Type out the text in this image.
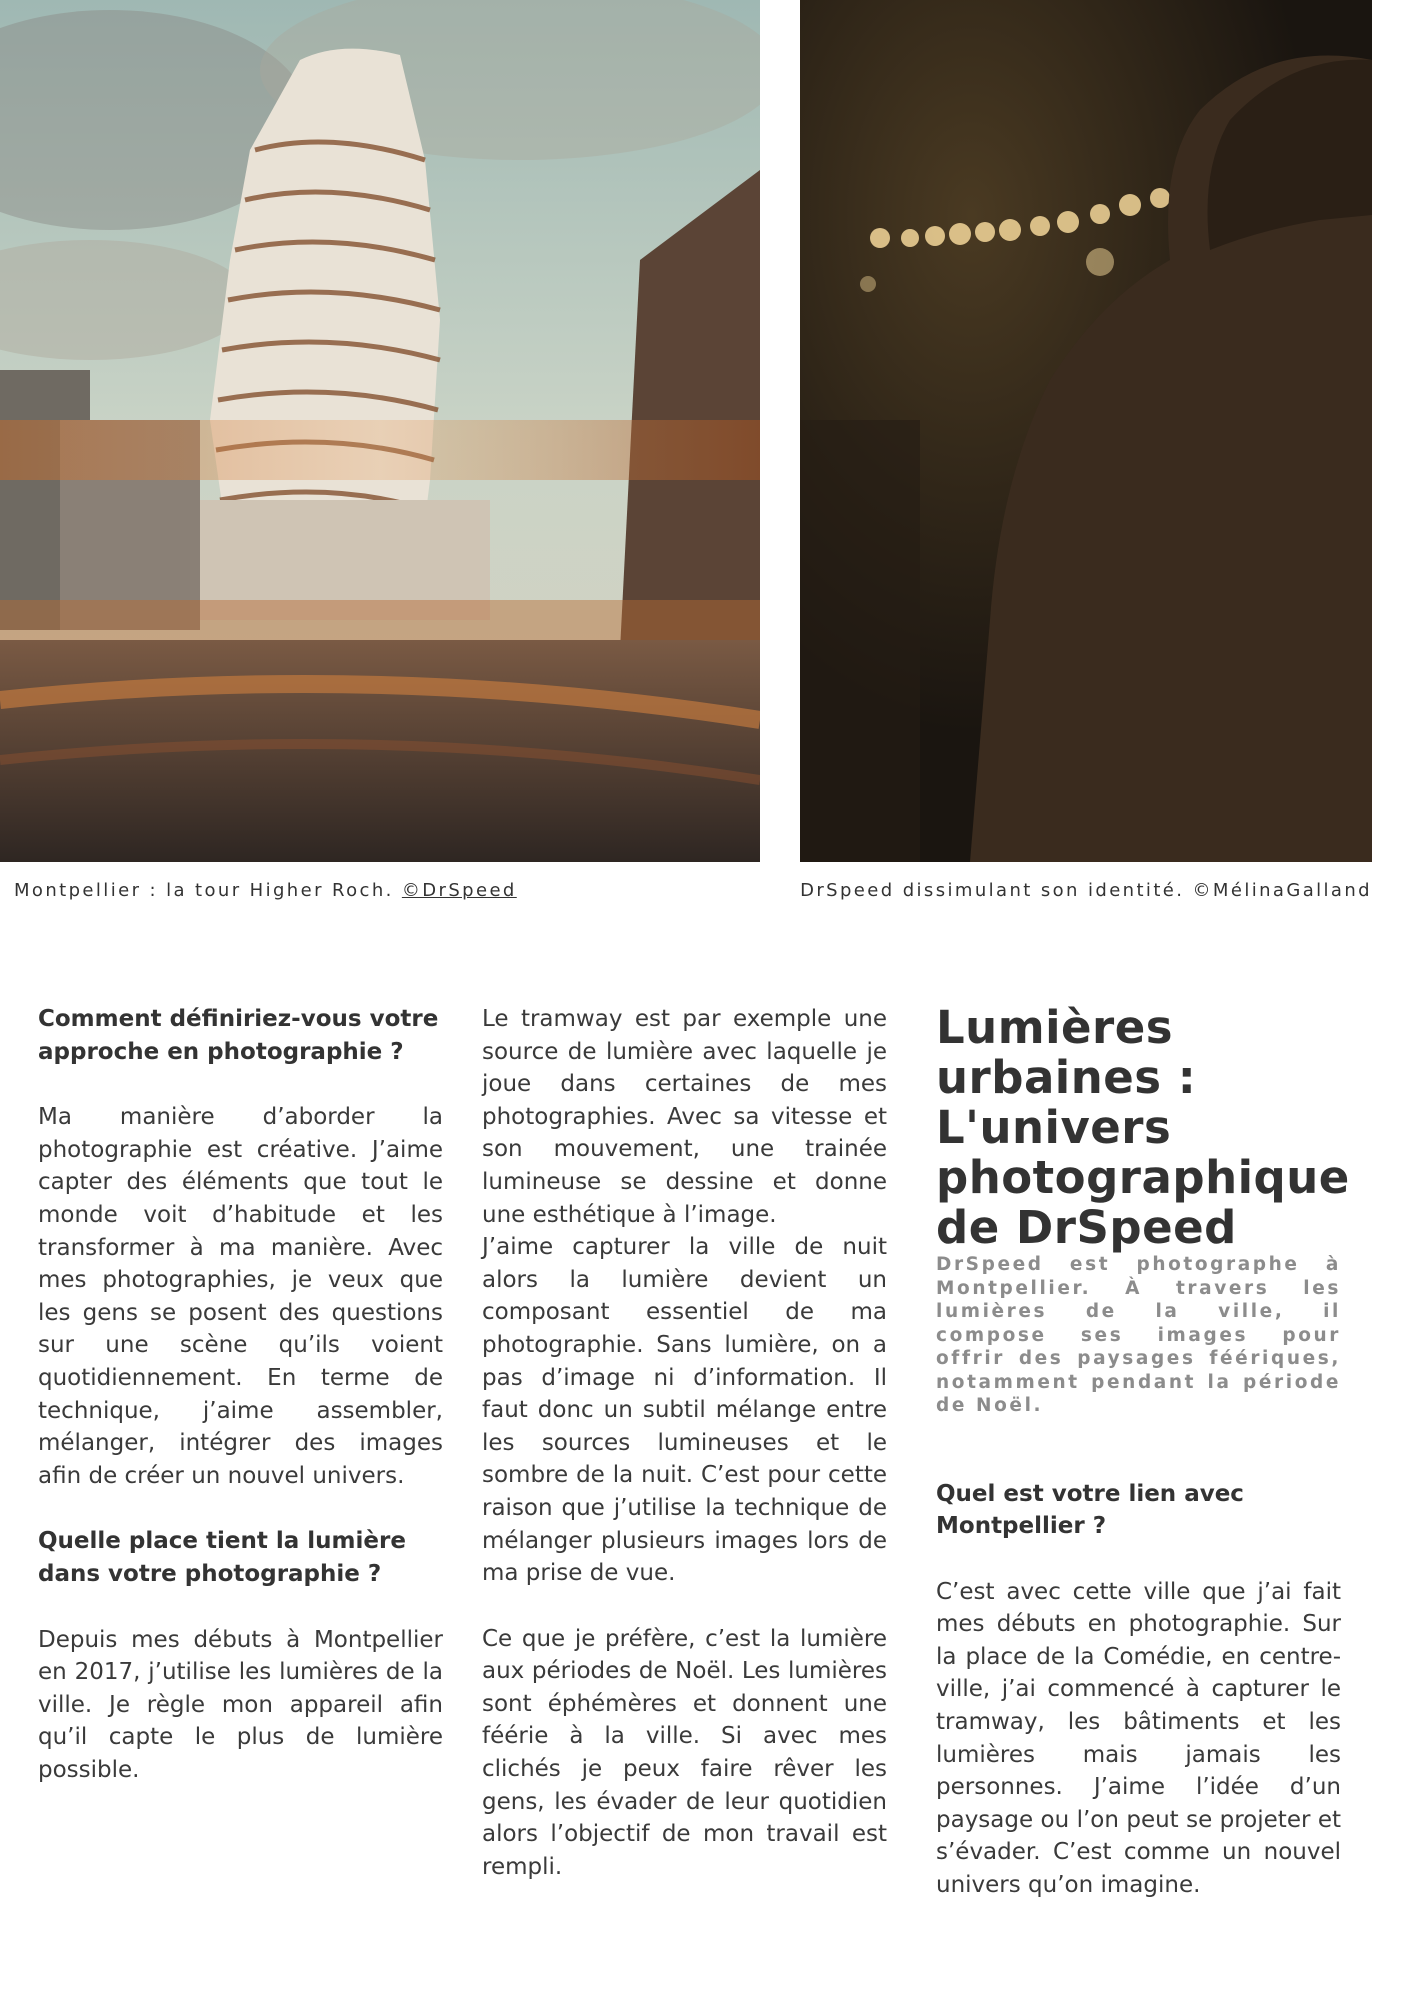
Montpellier : la tour Higher Roch. ©DrSpeed	DrSpeed dissimulant son identité. ©MélinaGalland

Comment définiriez-vous votre approche en photographie ?

Ma manière d’aborder la photographie est créative. J’aime capter des éléments que tout le monde voit d’habitude et les transformer à ma manière. Avec mes photographies, je veux que les gens se posent des questions sur une scène qu’ils voient quotidiennement. En terme de technique, j’aime assembler, mélanger, intégrer des images afin de créer un nouvel univers.

Quelle place tient la lumière dans votre photographie ?

Depuis mes débuts à Montpellier en 2017, j’utilise les lumières de la ville. Je règle mon appareil afin qu’il capte le plus de lumière possible.

Le tramway est par exemple une source de lumière avec laquelle je joue dans certaines de mes photographies. Avec sa vitesse et son mouvement, une trainée lumineuse se dessine et donne une esthétique à l’image.

J’aime capturer la ville de nuit alors la lumière devient un composant essentiel de ma photographie. Sans lumière, on a pas d’image ni d’information. Il faut donc un subtil mélange entre les sources lumineuses et le sombre de la nuit. C’est pour cette raison que j’utilise la technique de mélanger plusieurs images lors de ma prise de vue.

Ce que je préfère, c’est la lumière aux périodes de Noël. Les lumières sont éphémères et donnent une féérie à la ville. Si avec mes clichés je peux faire rêver les gens, les évader de leur quotidien alors l’objectif de mon travail est rempli.

Lumières urbaines : L'univers photographique de DrSpeed

DrSpeed est photographe à Montpellier. À travers les lumières de la ville, il compose ses images pour offrir des paysages féériques, notamment pendant la période de Noël.

Quel est votre lien avec Montpellier ?

C’est avec cette ville que j’ai fait mes débuts en photographie. Sur la place de la Comédie, en centre-ville, j’ai commencé à capturer le tramway, les bâtiments et les lumières mais jamais les personnes. J’aime l’idée d’un paysage ou l’on peut se projeter et s’évader. C’est comme un nouvel univers qu’on imagine.
